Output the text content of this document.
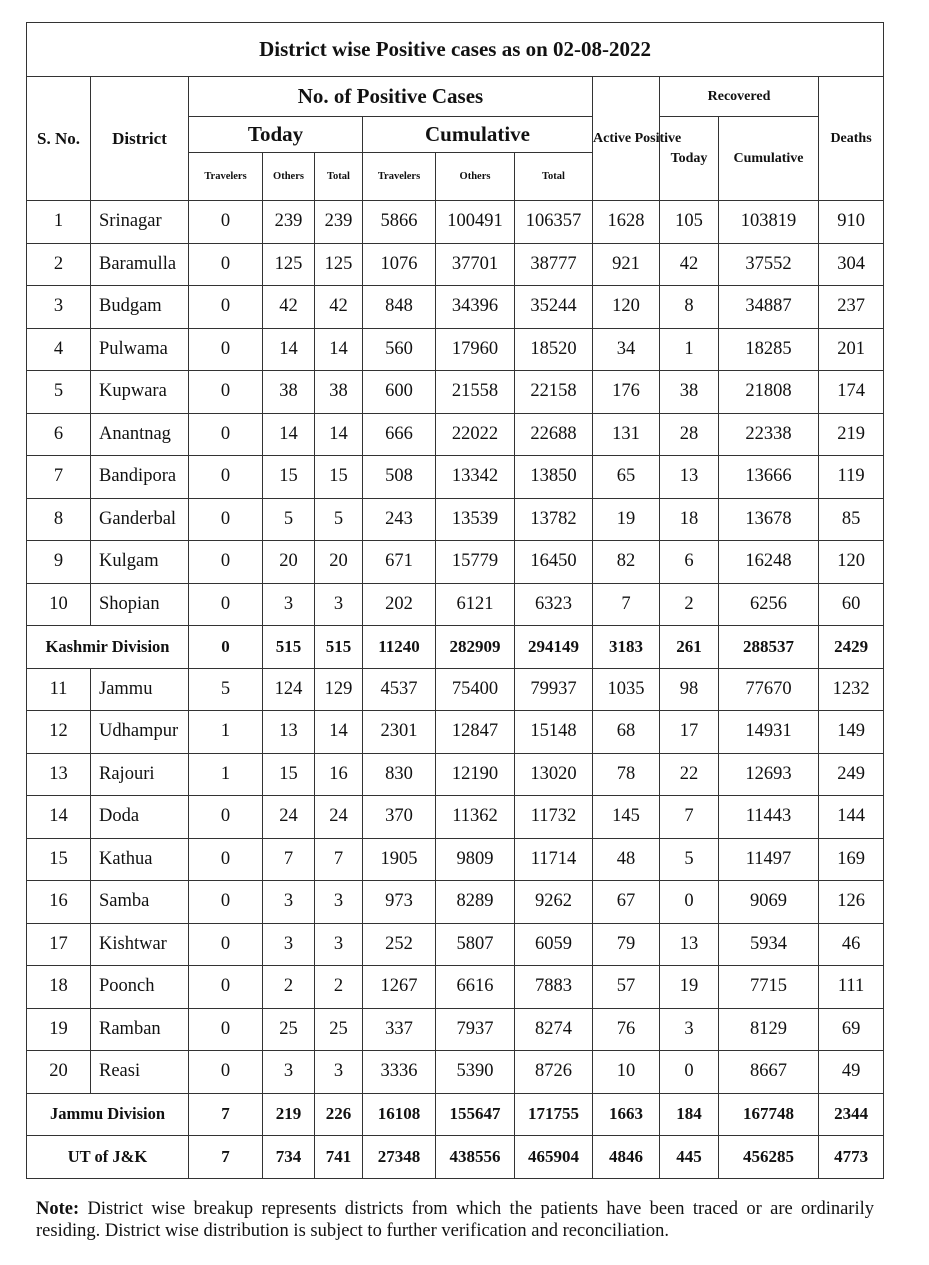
District wise Positive cases as on 02-08-2022											
S. No.	District	No. of Positive Cases						Active Positive	Recovered		Deaths
		Today			Cumulative				Today	Cumulative	
		Travelers	Others	Total	Travelers	Others	Total				
1	Srinagar	0	239	239	5866	100491	106357	1628	105	103819	910
2	Baramulla	0	125	125	1076	37701	38777	921	42	37552	304
3	Budgam	0	42	42	848	34396	35244	120	8	34887	237
4	Pulwama	0	14	14	560	17960	18520	34	1	18285	201
5	Kupwara	0	38	38	600	21558	22158	176	38	21808	174
6	Anantnag	0	14	14	666	22022	22688	131	28	22338	219
7	Bandipora	0	15	15	508	13342	13850	65	13	13666	119
8	Ganderbal	0	5	5	243	13539	13782	19	18	13678	85
9	Kulgam	0	20	20	671	15779	16450	82	6	16248	120
10	Shopian	0	3	3	202	6121	6323	7	2	6256	60
Kashmir Division		0	515	515	11240	282909	294149	3183	261	288537	2429
11	Jammu	5	124	129	4537	75400	79937	1035	98	77670	1232
12	Udhampur	1	13	14	2301	12847	15148	68	17	14931	149
13	Rajouri	1	15	16	830	12190	13020	78	22	12693	249
14	Doda	0	24	24	370	11362	11732	145	7	11443	144
15	Kathua	0	7	7	1905	9809	11714	48	5	11497	169
16	Samba	0	3	3	973	8289	9262	67	0	9069	126
17	Kishtwar	0	3	3	252	5807	6059	79	13	5934	46
18	Poonch	0	2	2	1267	6616	7883	57	19	7715	111
19	Ramban	0	25	25	337	7937	8274	76	3	8129	69
20	Reasi	0	3	3	3336	5390	8726	10	0	8667	49
Jammu Division		7	219	226	16108	155647	171755	1663	184	167748	2344
UT of J&K		7	734	741	27348	438556	465904	4846	445	456285	4773
Note: District wise breakup represents districts from which the patients have been traced or are ordinarily residing. District wise distribution is subject to further verification and reconciliation.
